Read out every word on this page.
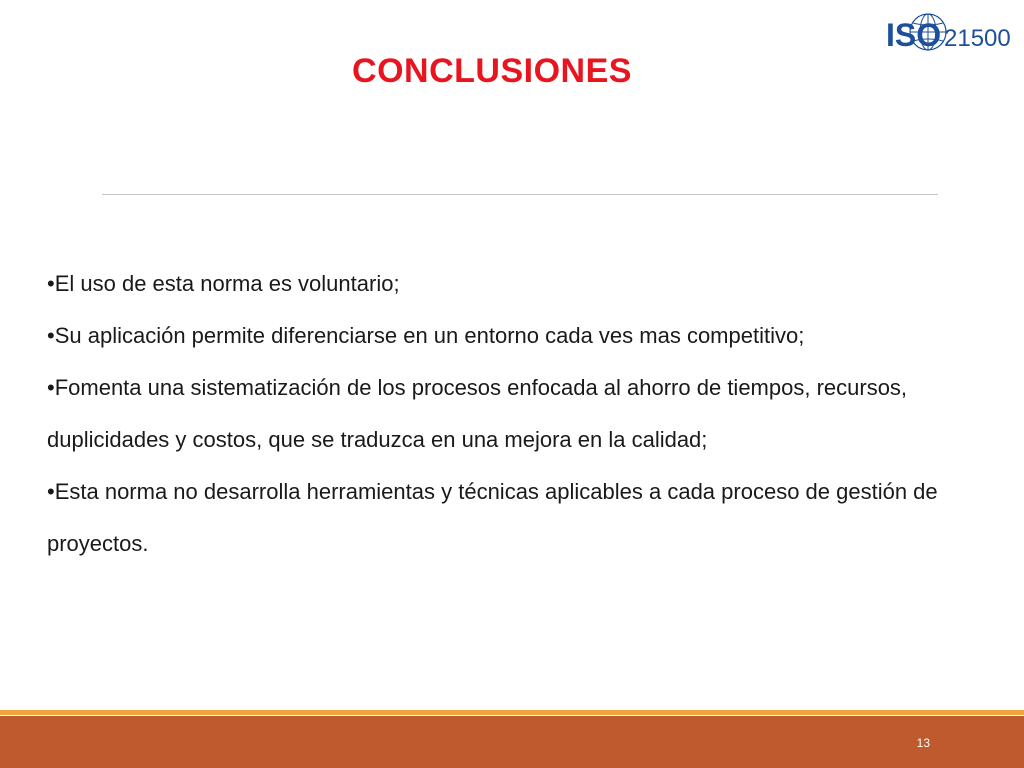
ISO 21500
CONCLUSIONES

•El uso de esta norma es voluntario;

•Su aplicación permite diferenciarse en un entorno cada ves mas competitivo;

•Fomenta una sistematización de los procesos enfocada al ahorro de tiempos, recursos, duplicidades y costos, que se traduzca en una mejora en la calidad;

•Esta norma no desarrolla herramientas y técnicas aplicables a cada proceso de gestión de proyectos.

13
